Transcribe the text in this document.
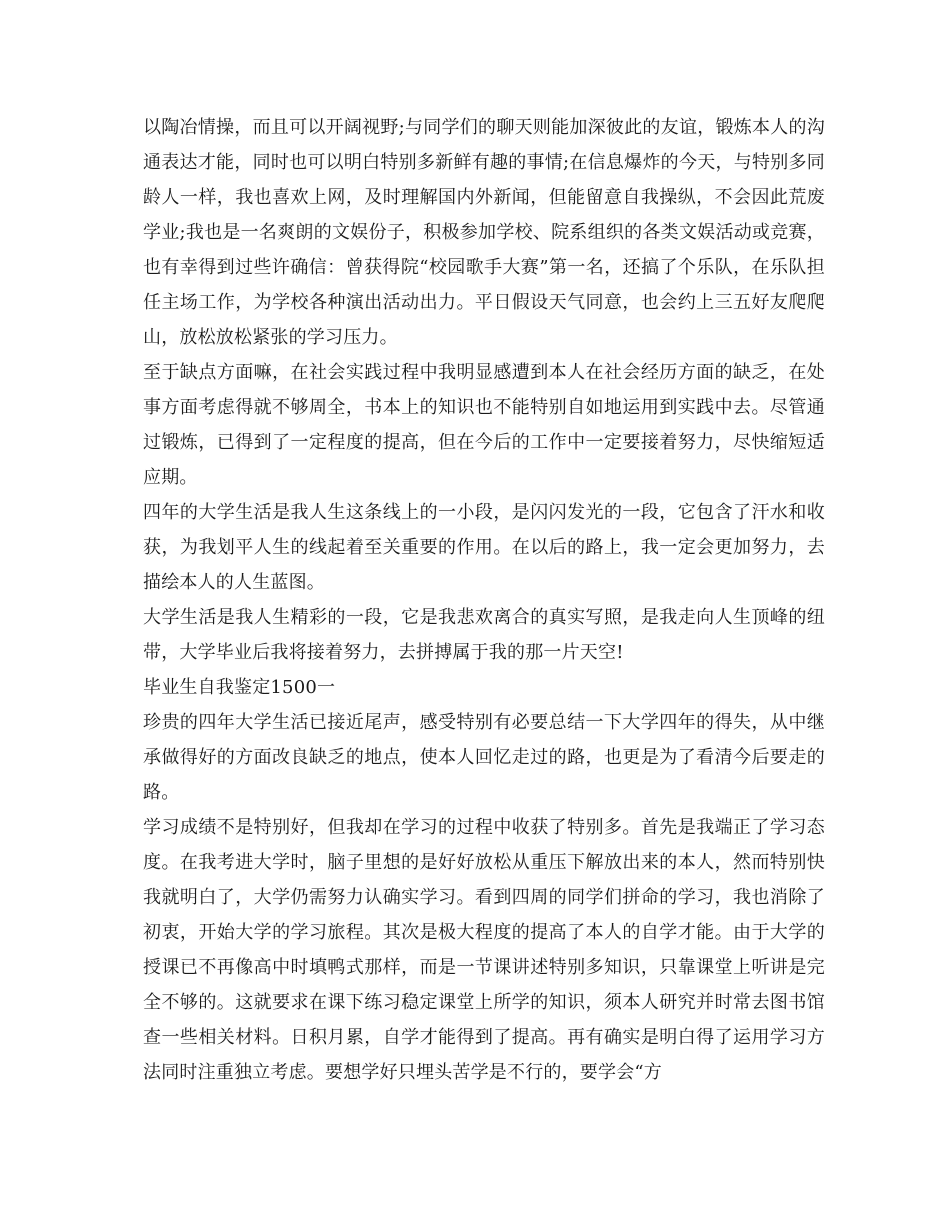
以陶冶情操，而且可以开阔视野;与同学们的聊天则能加深彼此的友谊，锻炼本人的沟通表达才能，同时也可以明白特别多新鲜有趣的事情;在信息爆炸的今天，与特别多同龄人一样，我也喜欢上网，及时理解国内外新闻，但能留意自我操纵，不会因此荒废学业;我也是一名爽朗的文娱份子，积极参加学校、院系组织的各类文娱活动或竞赛，也有幸得到过些许确信：曾获得院“校园歌手大赛”第一名，还搞了个乐队，在乐队担任主场工作，为学校各种演出活动出力。平日假设天气同意，也会约上三五好友爬爬山，放松放松紧张的学习压力。

至于缺点方面嘛，在社会实践过程中我明显感遭到本人在社会经历方面的缺乏，在处事方面考虑得就不够周全，书本上的知识也不能特别自如地运用到实践中去。尽管通过锻炼，已得到了一定程度的提高，但在今后的工作中一定要接着努力，尽快缩短适应期。

四年的大学生活是我人生这条线上的一小段，是闪闪发光的一段，它包含了汗水和收获，为我划平人生的线起着至关重要的作用。在以后的路上，我一定会更加努力，去描绘本人的人生蓝图。

大学生活是我人生精彩的一段，它是我悲欢离合的真实写照，是我走向人生顶峰的纽带，大学毕业后我将接着努力，去拼搏属于我的那一片天空!

毕业生自我鉴定1500一

珍贵的四年大学生活已接近尾声，感受特别有必要总结一下大学四年的得失，从中继承做得好的方面改良缺乏的地点，使本人回忆走过的路，也更是为了看清今后要走的路。

学习成绩不是特别好，但我却在学习的过程中收获了特别多。首先是我端正了学习态度。在我考进大学时，脑子里想的是好好放松从重压下解放出来的本人，然而特别快我就明白了，大学仍需努力认确实学习。看到四周的同学们拼命的学习，我也消除了初衷，开始大学的学习旅程。其次是极大程度的提高了本人的自学才能。由于大学的授课已不再像高中时填鸭式那样，而是一节课讲述特别多知识，只靠课堂上听讲是完全不够的。这就要求在课下练习稳定课堂上所学的知识，须本人研究并时常去图书馆查一些相关材料。日积月累，自学才能得到了提高。再有确实是明白得了运用学习方法同时注重独立考虑。要想学好只埋头苦学是不行的，要学会“方
